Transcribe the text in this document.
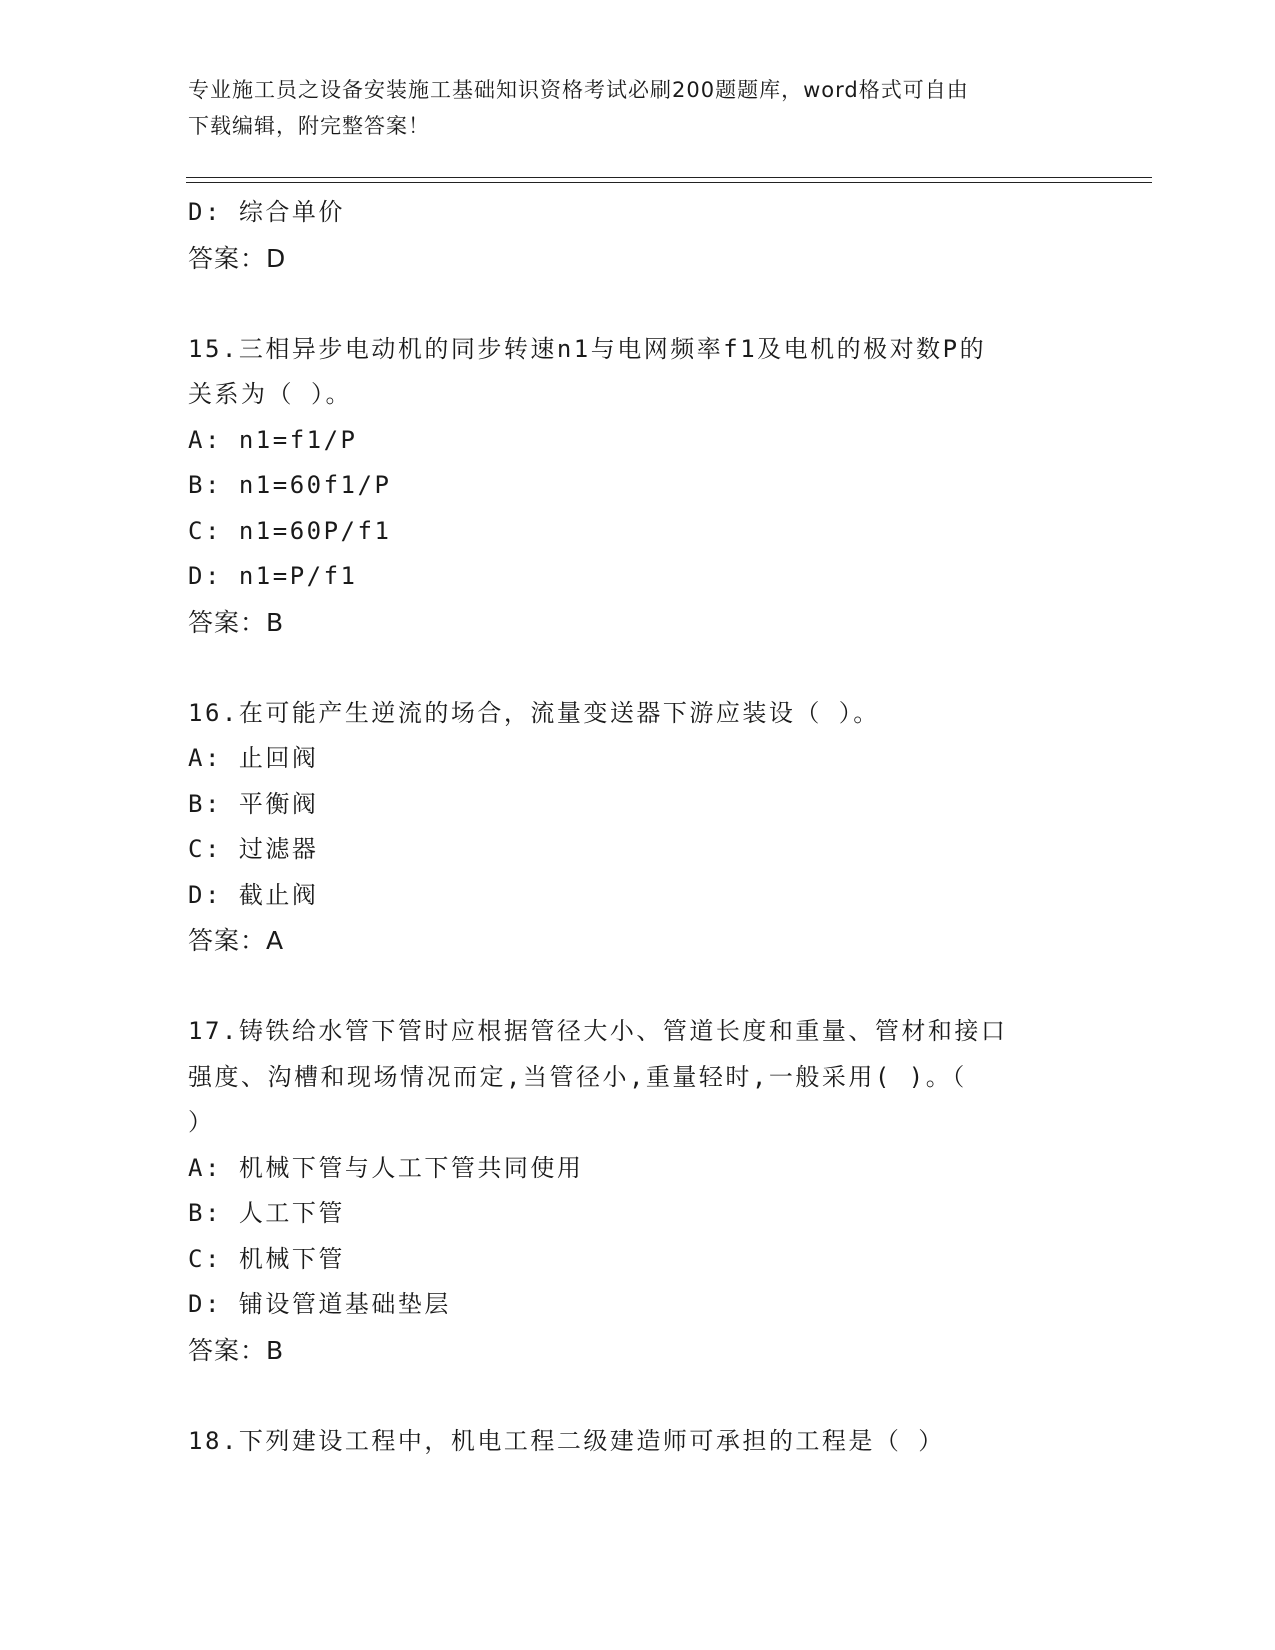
专业施工员之设备安装施工基础知识资格考试必刷200题题库，word格式可自由
下载编辑，附完整答案！
D: 综合单价
答案：D
15.三相异步电动机的同步转速n1与电网频率f1及电机的极对数P的
关系为（ ）。
A: n1=f1/P
B: n1=60f1/P
C: n1=60P/f1
D: n1=P/f1
答案：B
16.在可能产生逆流的场合，流量变送器下游应装设（ ）。
A: 止回阀
B: 平衡阀
C: 过滤器
D: 截止阀
答案：A
17.铸铁给水管下管时应根据管径大小、管道长度和重量、管材和接口
强度、沟槽和现场情况而定,当管径小,重量轻时,一般采用( )。（
）
A: 机械下管与人工下管共同使用
B: 人工下管
C: 机械下管
D: 铺设管道基础垫层
答案：B
18.下列建设工程中，机电工程二级建造师可承担的工程是（ ）
